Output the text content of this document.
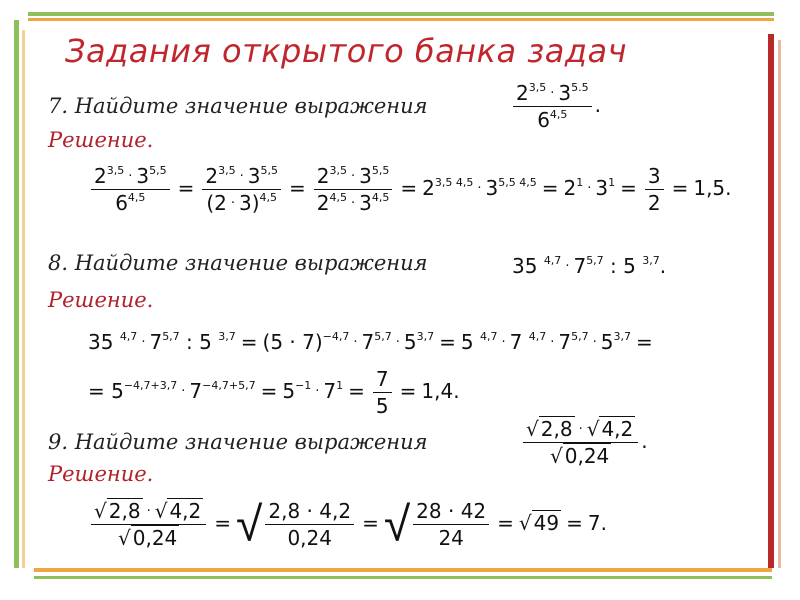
Задания открытого банка задач
7. Найдите значение выражения	$\frac{2^{3,5} \cdot 3^{5.5}}{6^{4,5}}$ .
Решение.
$\frac{2^{3,5} \cdot 3^{5,5}}{6^{4,5}} = \frac{2^{3,5} \cdot 3^{5,5}}{(2 \cdot 3)^{4,5}} = \frac{2^{3,5} \cdot 3^{5,5}}{2^{4,5} \cdot 3^{4,5}} = 2^{3,5 4,5} \cdot 3^{5,5 4,5} = 2^1 \cdot 3^1 = \frac{3}{2} = 1,5$.
8. Найдите значение выражения	35 $^{4,7} \cdot 7^{5,7}$ : 5 $^{3,7}$.
Решение.
35 $^{4,7} \cdot 7^{5,7}$ : 5 $^{3,7} = (5 \cdot 7)^{-4,7} \cdot 7^{5,7} \cdot 5^{3,7} = 5$ $^{4,7}$ · 7 $^{4,7} \cdot 7^{5,7} \cdot 5^{3,7}$ =
= $5^{-4,7+3,7} \cdot 7^{-4,7+5,7} = 5^{-1} \cdot 7^1 = \frac{7}{5} = 1,4$.
9. Найдите значение выражения	$\frac{√ 2,8 \cdot √ 4,2}{√ 0,24}$ .
Решение.
$\frac{√ 2,8 \cdot √ 4,2}{√ 0,24}$ = √ $\frac{2,8 \cdot 4,2}{0,24}$ = √ $\frac{28 \cdot 42}{24}$ = √ 49 = 7.
